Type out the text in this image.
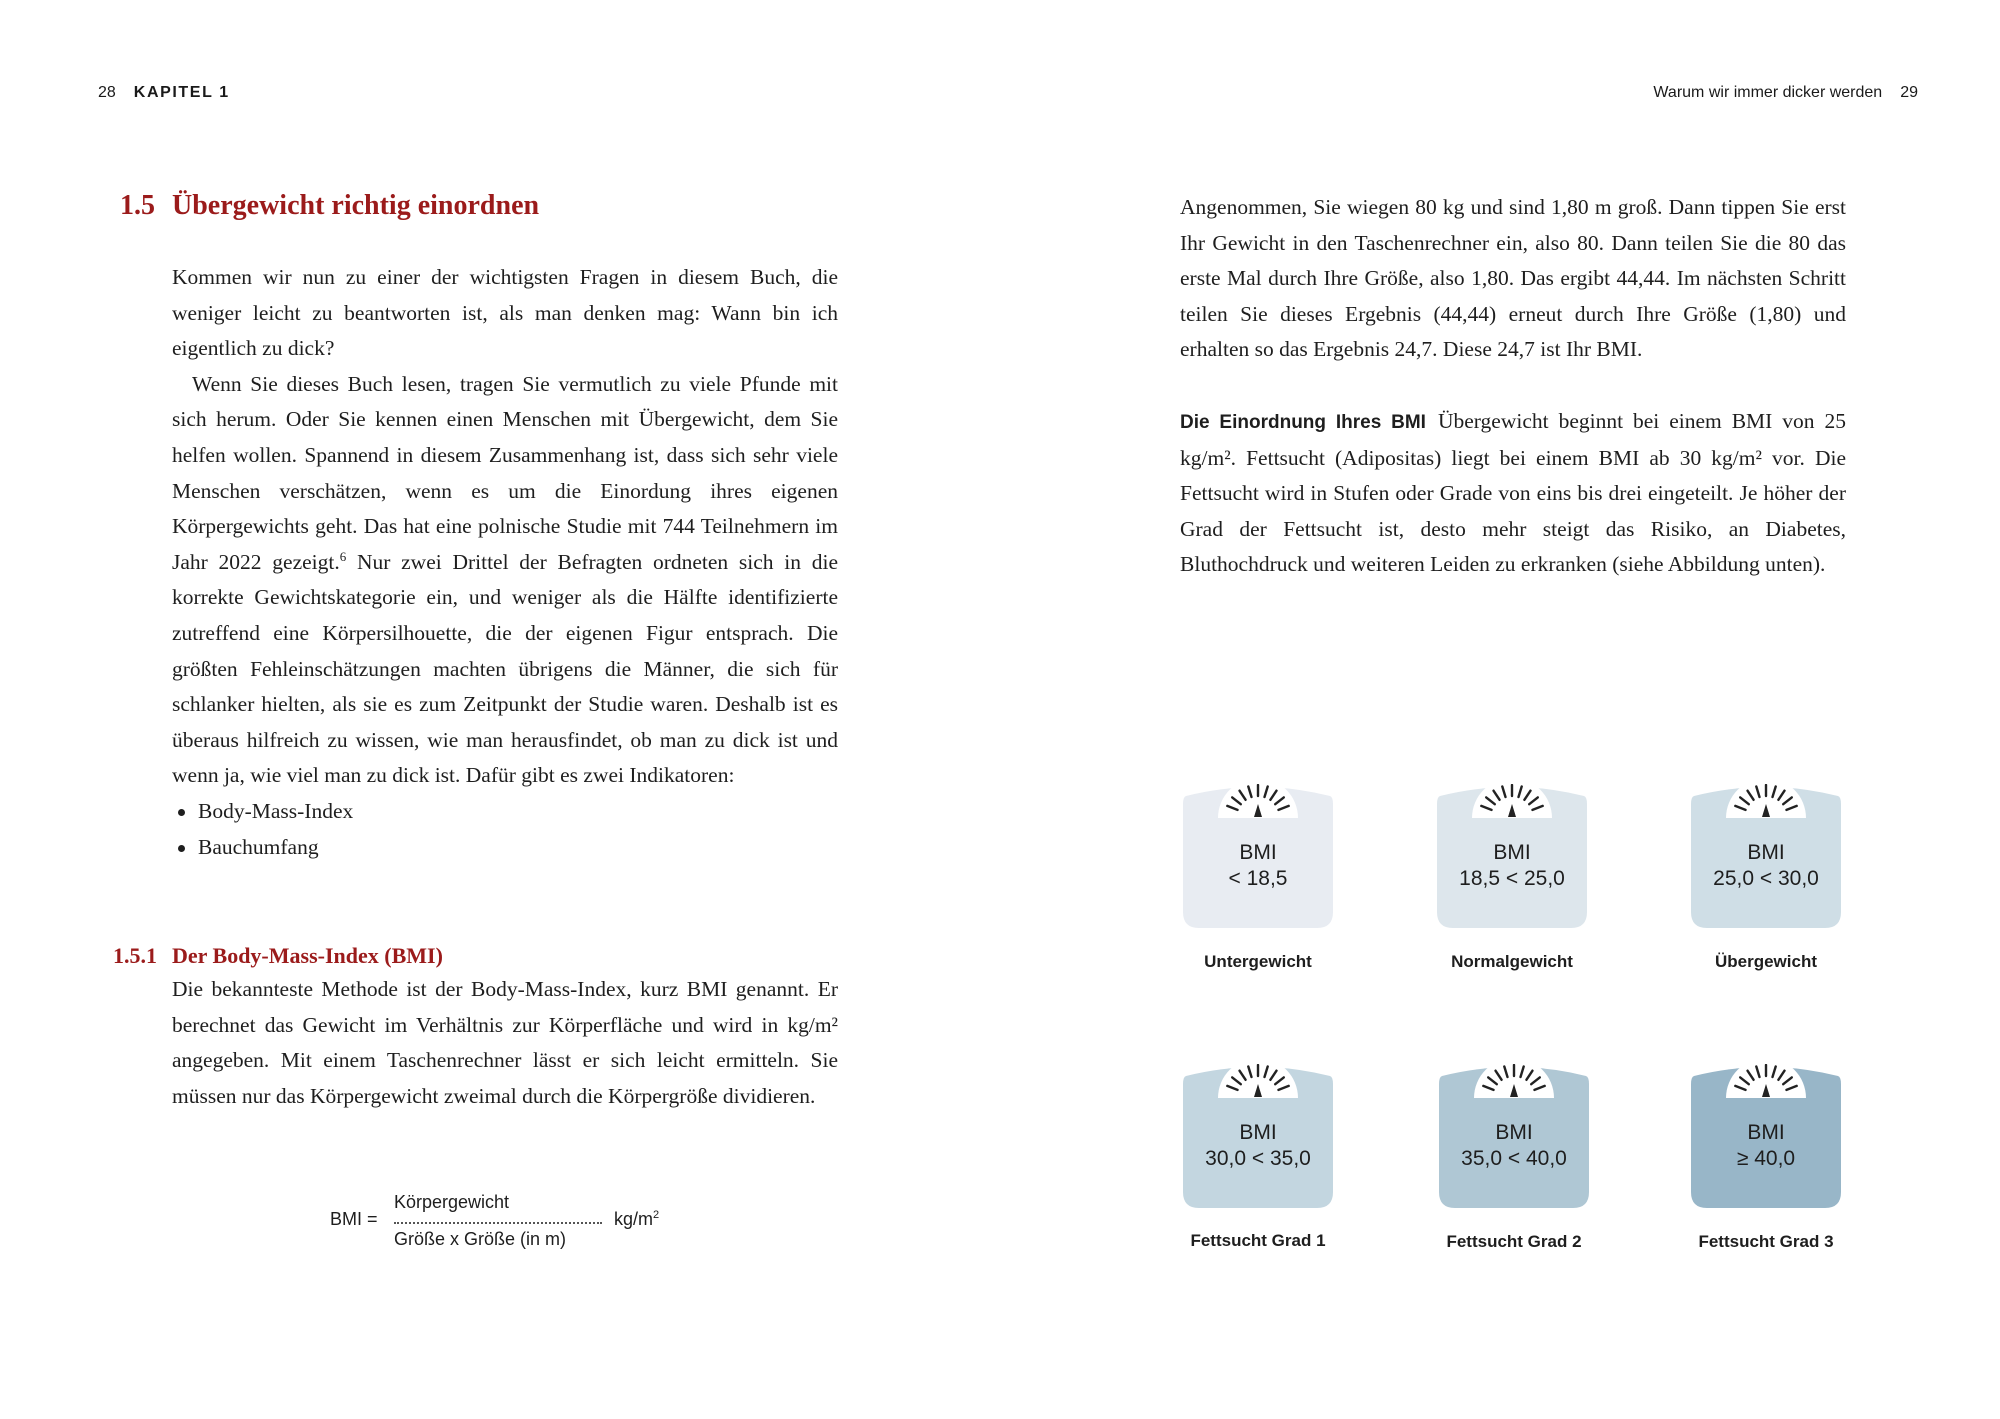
28 KAPITEL 1	Warum wir immer dicker werden 29
1.5 Übergewicht richtig einordnen

Kommen wir nun zu einer der wichtigsten Fragen in diesem Buch, die weniger leicht zu beantworten ist, als man denken mag: Wann bin ich eigentlich zu dick?

Wenn Sie dieses Buch lesen, tragen Sie vermutlich zu viele Pfunde mit sich herum. Oder Sie kennen einen Menschen mit Übergewicht, dem Sie helfen wollen. Spannend in diesem Zusammenhang ist, dass sich sehr viele Menschen verschätzen, wenn es um die Einordung ihres eigenen Körpergewichts geht. Das hat eine polnische Studie mit 744 Teilnehmern im Jahr 2022 gezeigt.$^6$ Nur zwei Drittel der Befragten ordneten sich in die korrekte Gewichtskategorie ein, und weniger als die Hälfte identifizierte zutreffend eine Körpersilhouette, die der eigenen Figur entsprach. Die größten Fehleinschätzungen machten übrigens die Männer, die sich für schlanker hielten, als sie es zum Zeitpunkt der Studie waren. Deshalb ist es überaus hilfreich zu wissen, wie man herausfindet, ob man zu dick ist und wenn ja, wie viel man zu dick ist. Dafür gibt es zwei Indikatoren:

Body-Mass-Index
Bauchumfang
1.5.1 Der Body-Mass-Index (BMI)

Die bekannteste Methode ist der Body-Mass-Index, kurz BMI genannt. Er berechnet das Gewicht im Verhältnis zur Körperfläche und wird in kg/m² angegeben. Mit einem Taschenrechner lässt er sich leicht ermitteln. Sie müssen nur das Körpergewicht zweimal durch die Körpergröße dividieren.

BMI =
Körpergewicht
Größe x Größe (in m)
$kg/m^2$

Angenommen, Sie wiegen 80 kg und sind 1,80 m groß. Dann tippen Sie erst Ihr Gewicht in den Taschenrechner ein, also 80. Dann teilen Sie die 80 das erste Mal durch Ihre Größe, also 1,80. Das ergibt 44,44. Im nächsten Schritt teilen Sie dieses Ergebnis (44,44) erneut durch Ihre Größe (1,80) und erhalten so das Ergebnis 24,7. Diese 24,7 ist Ihr BMI.

Die Einordnung Ihres BMI Übergewicht beginnt bei einem BMI von 25 kg/m². Fettsucht (Adipositas) liegt bei einem BMI ab 30 kg/m² vor. Die Fettsucht wird in Stufen oder Grade von eins bis drei eingeteilt. Je höher der Grad der Fettsucht ist, desto mehr steigt das Risiko, an Diabetes, Bluthochdruck und weiteren Leiden zu erkranken (siehe Abbildung unten).

BMI
< 18,5
Untergewicht
BMI
18,5 < 25,0
Normalgewicht
BMI
25,0 < 30,0
Übergewicht
BMI
30,0 < 35,0
Fettsucht Grad 1
BMI
35,0 < 40,0
Fettsucht Grad 2
BMI
≥ 40,0
Fettsucht Grad 3
